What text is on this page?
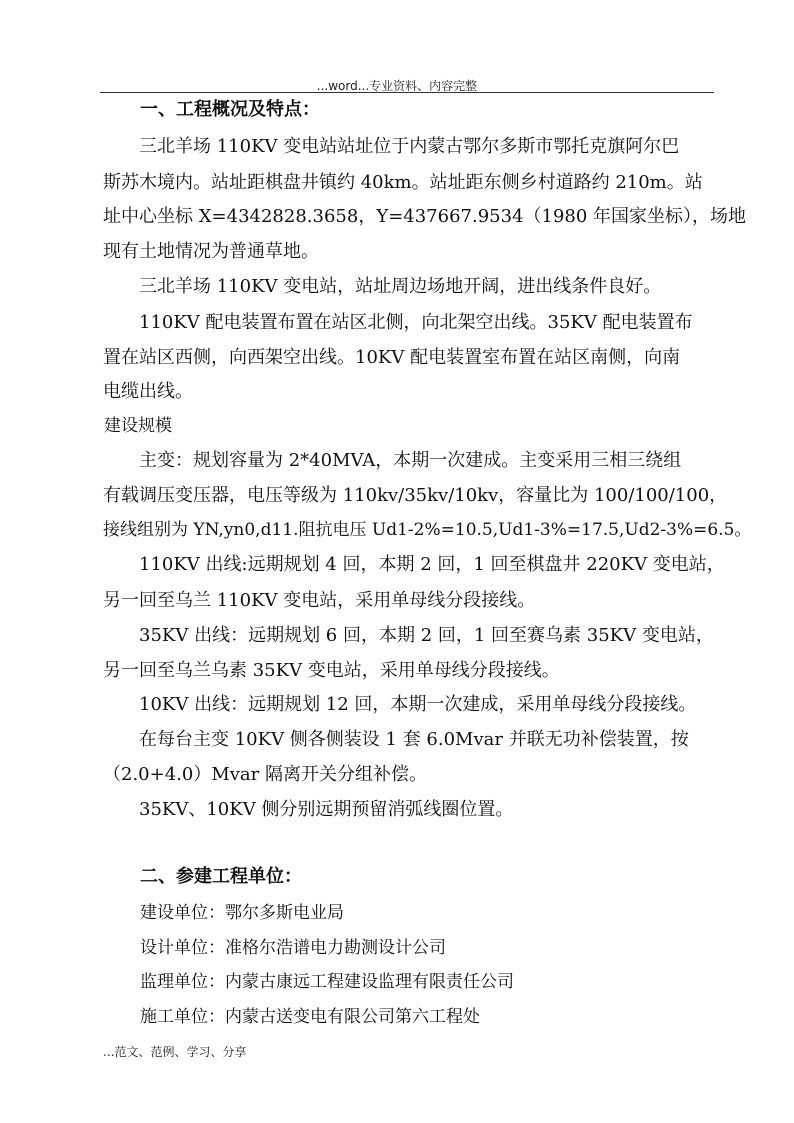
...word...专业资料、内容完整
一、工程概况及特点：
三北羊场 110KV 变电站站址位于内蒙古鄂尔多斯市鄂托克旗阿尔巴
斯苏木境内。站址距棋盘井镇约 40km。站址距东侧乡村道路约 210m。站
址中心坐标 X=4342828.3658，Y=437667.9534（1980 年国家坐标），场地
现有土地情况为普通草地。
三北羊场 110KV 变电站，站址周边场地开阔，进出线条件良好。
110KV 配电装置布置在站区北侧，向北架空出线。35KV 配电装置布
置在站区西侧，向西架空出线。10KV 配电装置室布置在站区南侧，向南
电缆出线。
建设规模
主变：规划容量为 2*40MVA，本期一次建成。主变采用三相三绕组
有载调压变压器，电压等级为 110kv/35kv/10kv，容量比为 100/100/100，
接线组别为 YN,yn0,d11.阻抗电压 Ud1-2%=10.5,Ud1-3%=17.5,Ud2-3%=6.5。
110KV 出线:远期规划 4 回，本期 2 回，1 回至棋盘井 220KV 变电站，
另一回至乌兰 110KV 变电站，采用单母线分段接线。
35KV 出线：远期规划 6 回，本期 2 回，1 回至赛乌素 35KV 变电站，
另一回至乌兰乌素 35KV 变电站，采用单母线分段接线。
10KV 出线：远期规划 12 回，本期一次建成，采用单母线分段接线。
在每台主变 10KV 侧各侧装设 1 套 6.0Mvar 并联无功补偿装置，按
（2.0+4.0）Mvar 隔离开关分组补偿。
35KV、10KV 侧分别远期预留消弧线圈位置。
二、参建工程单位：
建设单位：鄂尔多斯电业局
设计单位：准格尔浩谱电力勘测设计公司
监理单位：内蒙古康远工程建设监理有限责任公司
施工单位：内蒙古送变电有限公司第六工程处
...范文、范例、学习、分享
